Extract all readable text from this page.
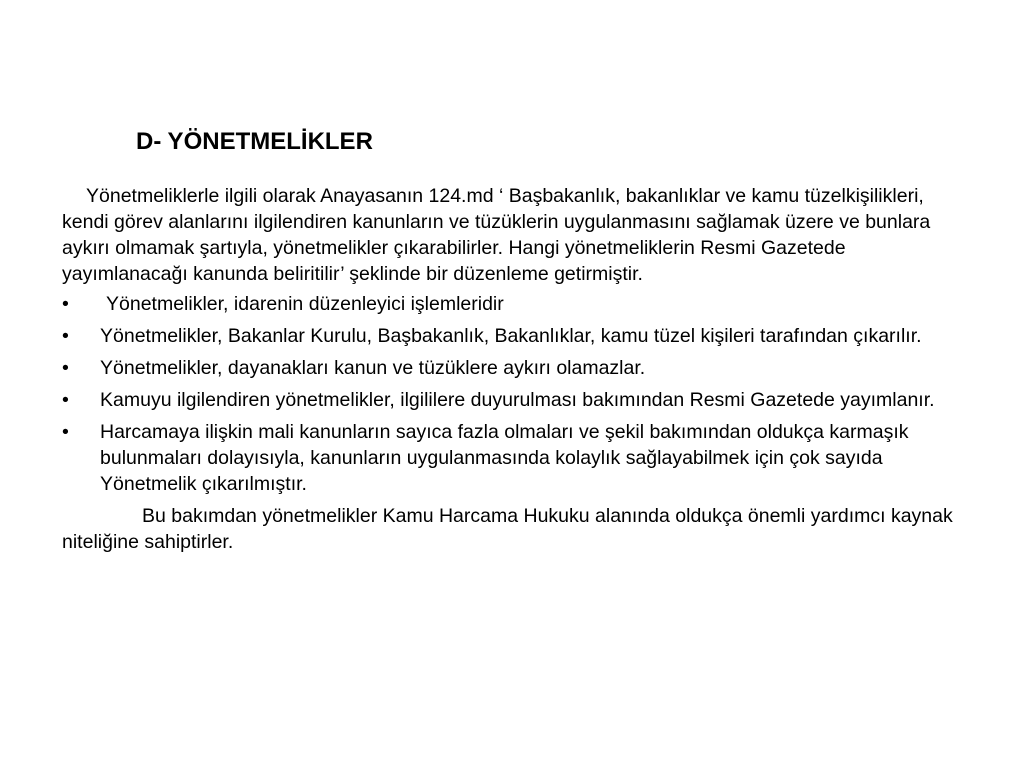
D- YÖNETMELİKLER

Yönetmeliklerle ilgili olarak Anayasanın 124.md ‘ Başbakanlık, bakanlıklar ve kamu tüzelkişilikleri, kendi görev alanlarını ilgilendiren kanunların ve tüzüklerin uygulanmasını sağlamak üzere ve bunlara aykırı olmamak şartıyla, yönetmelikler çıkarabilirler. Hangi yönetmeliklerin Resmi Gazetede yayımlanacağı kanunda beliritilir’ şeklinde bir düzenleme getirmiştir.

•	Yönetmelikler, idarenin düzenleyici işlemleridir
•	Yönetmelikler, Bakanlar Kurulu, Başbakanlık, Bakanlıklar, kamu tüzel kişileri tarafından çıkarılır.
•	Yönetmelikler, dayanakları kanun ve tüzüklere aykırı olamazlar.
•	Kamuyu ilgilendiren yönetmelikler, ilgililere duyurulması bakımından Resmi Gazetede yayımlanır.
•	Harcamaya ilişkin mali kanunların sayıca fazla olmaları ve şekil bakımından oldukça karmaşık bulunmaları dolayısıyla, kanunların uygulanmasında kolaylık sağlayabilmek için çok sayıda Yönetmelik çıkarılmıştır.

Bu bakımdan yönetmelikler Kamu Harcama Hukuku alanında oldukça önemli yardımcı kaynak niteliğine sahiptirler.
